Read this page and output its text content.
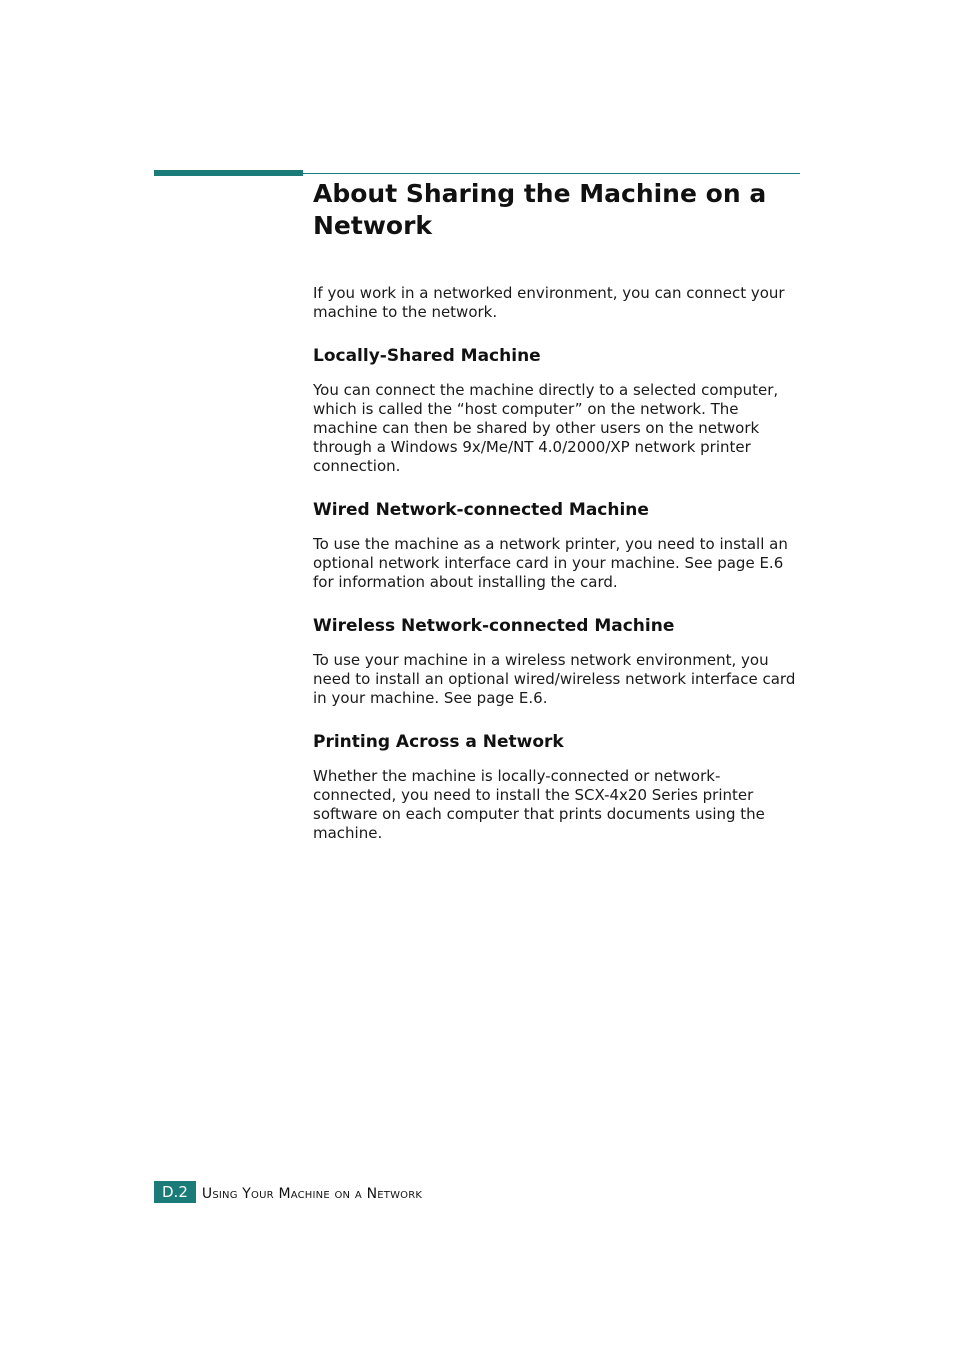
About Sharing the Machine on a Network

If you work in a networked environment, you can connect your machine to the network.

Locally-Shared Machine

You can connect the machine directly to a selected computer, which is called the “host computer” on the network. The machine can then be shared by other users on the network through a Windows 9x/Me/NT 4.0/2000/XP network printer connection.

Wired Network-connected Machine

To use the machine as a network printer, you need to install an optional network interface card in your machine. See page E.6 for information about installing the card.

Wireless Network-connected Machine

To use your machine in a wireless network environment, you need to install an optional wired/wireless network interface card in your machine. See page E.6.

Printing Across a Network

Whether the machine is locally-connected or network-connected, you need to install the SCX-4x20 Series printer software on each computer that prints documents using the machine.

D.2	Using Your Machine on a Network
